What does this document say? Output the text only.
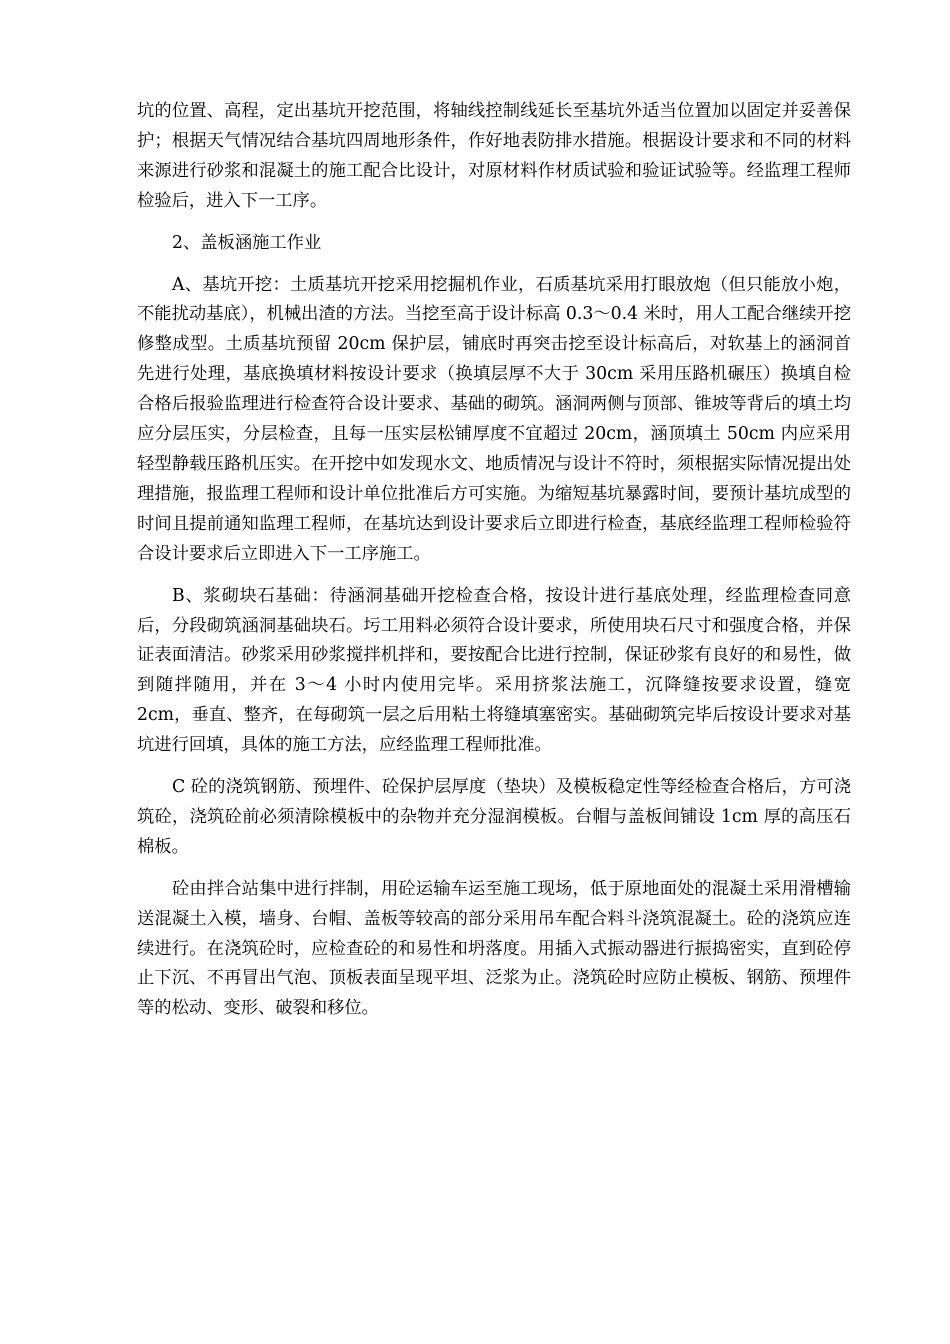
坑的位置、高程，定出基坑开挖范围，将轴线控制线延长至基坑外适当位置加以固定并妥善保护；根据天气情况结合基坑四周地形条件，作好地表防排水措施。根据设计要求和不同的材料来源进行砂浆和混凝土的施工配合比设计，对原材料作材质试验和验证试验等。经监理工程师检验后，进入下一工序。

2、盖板涵施工作业

A、基坑开挖：土质基坑开挖采用挖掘机作业，石质基坑采用打眼放炮（但只能放小炮，不能扰动基底），机械出渣的方法。当挖至高于设计标高 0.3～0.4 米时，用人工配合继续开挖修整成型。土质基坑预留 20cm 保护层，铺底时再突击挖至设计标高后，对软基上的涵洞首先进行处理，基底换填材料按设计要求（换填层厚不大于 30cm 采用压路机碾压）换填自检合格后报验监理进行检查符合设计要求、基础的砌筑。涵洞两侧与顶部、锥坡等背后的填土均应分层压实，分层检查，且每一压实层松铺厚度不宜超过 20cm，涵顶填土 50cm 内应采用轻型静载压路机压实。在开挖中如发现水文、地质情况与设计不符时，须根据实际情况提出处理措施，报监理工程师和设计单位批准后方可实施。为缩短基坑暴露时间，要预计基坑成型的时间且提前通知监理工程师，在基坑达到设计要求后立即进行检查，基底经监理工程师检验符合设计要求后立即进入下一工序施工。

B、浆砌块石基础：待涵洞基础开挖检查合格，按设计进行基底处理，经监理检查同意后，分段砌筑涵洞基础块石。圬工用料必须符合设计要求，所使用块石尺寸和强度合格，并保证表面清洁。砂浆采用砂浆搅拌机拌和，要按配合比进行控制，保证砂浆有良好的和易性，做到随拌随用，并在 3～4 小时内使用完毕。采用挤浆法施工，沉降缝按要求设置，缝宽 2cm，垂直、整齐，在每砌筑一层之后用粘土将缝填塞密实。基础砌筑完毕后按设计要求对基坑进行回填，具体的施工方法，应经监理工程师批准。

C 砼的浇筑钢筋、预埋件、砼保护层厚度（垫块）及模板稳定性等经检查合格后，方可浇筑砼，浇筑砼前必须清除模板中的杂物并充分湿润模板。台帽与盖板间铺设 1cm 厚的高压石棉板。

砼由拌合站集中进行拌制，用砼运输车运至施工现场，低于原地面处的混凝土采用滑槽输送混凝土入模，墙身、台帽、盖板等较高的部分采用吊车配合料斗浇筑混凝土。砼的浇筑应连续进行。在浇筑砼时，应检查砼的和易性和坍落度。用插入式振动器进行振捣密实，直到砼停止下沉、不再冒出气泡、顶板表面呈现平坦、泛浆为止。浇筑砼时应防止模板、钢筋、预埋件等的松动、变形、破裂和移位。
